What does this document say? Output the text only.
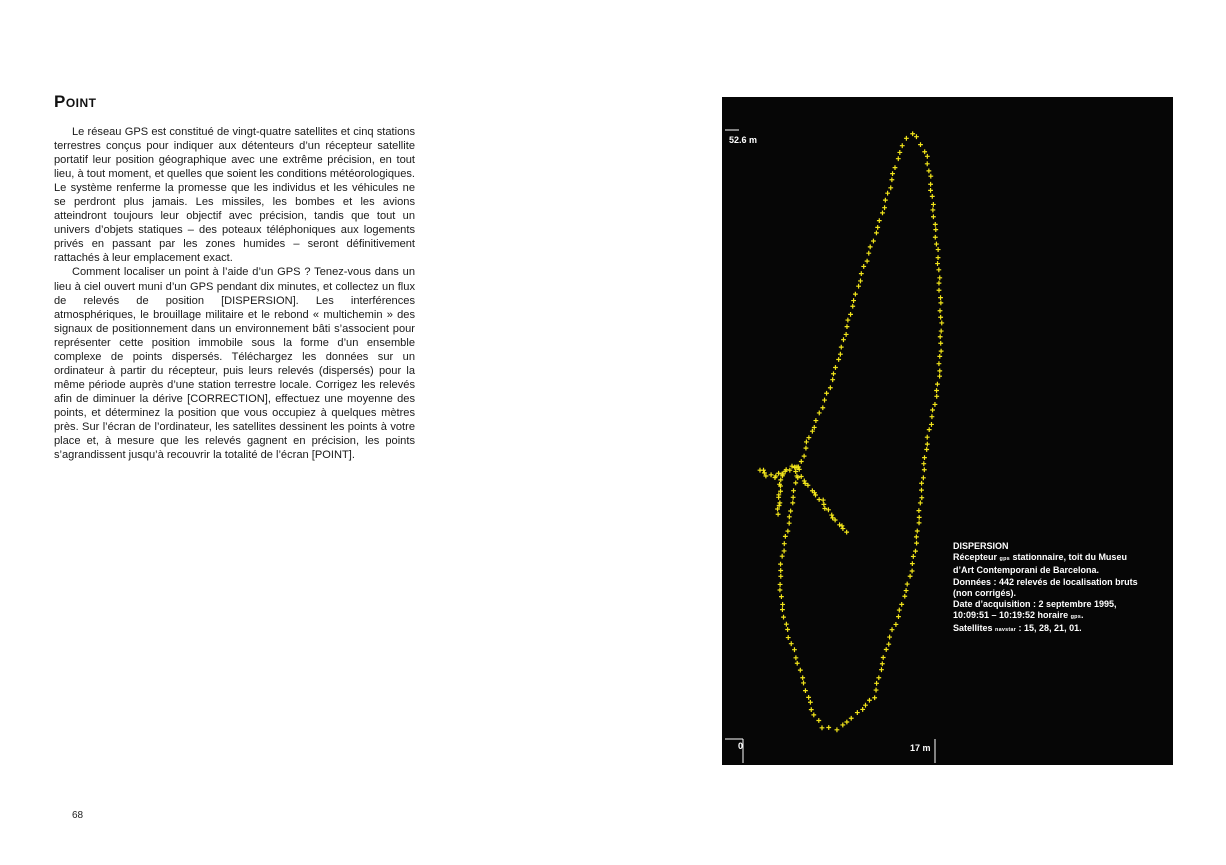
Point

Le réseau GPS est constitué de vingt-quatre satellites et cinq stations terrestres conçus pour indiquer aux détenteurs d’un récepteur satellite portatif leur position géographique avec une extrême précision, en tout lieu, à tout moment, et quelles que soient les conditions météorologiques. Le système renferme la promesse que les individus et les véhicules ne se perdront plus jamais. Les missiles, les bombes et les avions atteindront toujours leur objectif avec précision, tandis que tout un univers d’objets statiques – des poteaux téléphoniques aux logements privés en passant par les zones humides – seront définitivement rattachés à leur emplacement exact.

Comment localiser un point à l’aide d’un GPS ? Tenez-vous dans un lieu à ciel ouvert muni d’un GPS pendant dix minutes, et collectez un flux de relevés de position [DISPERSION]. Les interférences atmosphériques, le brouillage militaire et le rebond « multichemin » des signaux de positionnement dans un environnement bâti s’associent pour représenter cette position immobile sous la forme d’un ensemble complexe de points dispersés. Téléchargez les données sur un ordinateur à partir du récepteur, puis leurs relevés (dispersés) pour la même période auprès d’une station terrestre locale. Corrigez les relevés afin de diminuer la dérive [CORRECTION], effectuez une moyenne des points, et déterminez la position que vous occupiez à quelques mètres près. Sur l’écran de l’ordinateur, les satellites dessinent les points à votre place et, à mesure que les relevés gagnent en précision, les points s’agrandissent jusqu’à recouvrir la totalité de l’écran [POINT].

68
52.6 m
0	17 m
DISPERSION
Récepteur gps stationnaire, toit du Museu
d’Art Contemporani de Barcelona.
Données : 442 relevés de localisation bruts
(non corrigés).
Date d’acquisition : 2 septembre 1995,
10:09:51 – 10:19:52 horaire gps.
Satellites navstar : 15, 28, 21, 01.
